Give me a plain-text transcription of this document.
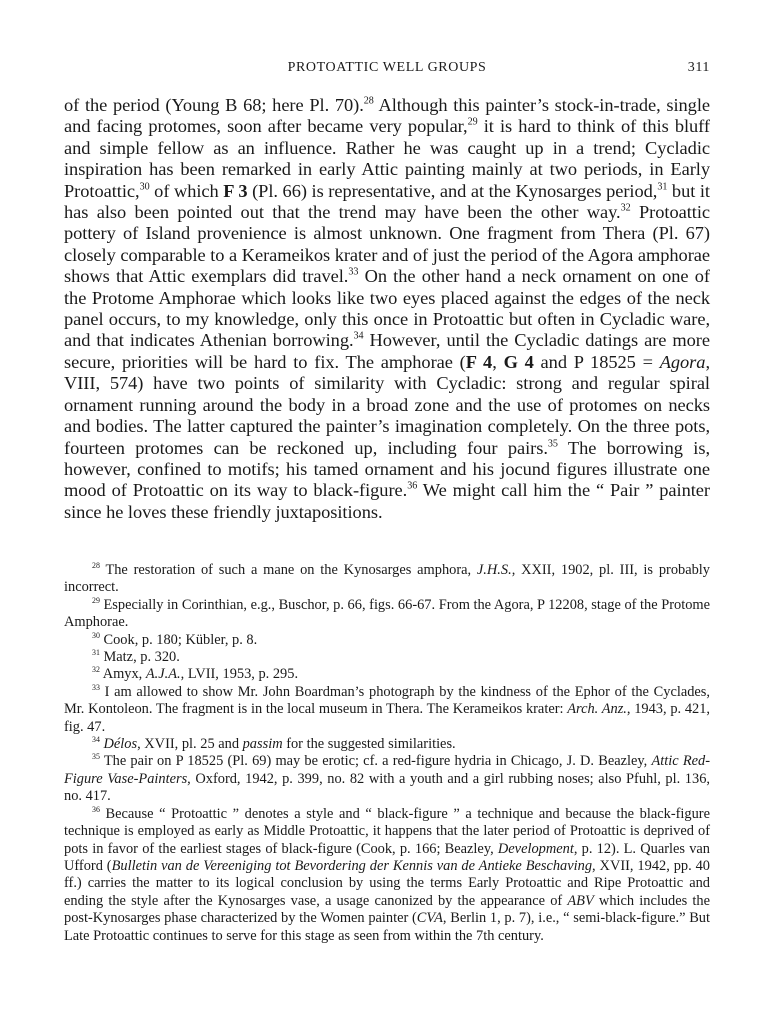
PROTOATTIC WELL GROUPS	311

of the period (Young B 68; here Pl. 70).$^{28}$ Although this painter’s stock-in-trade, single and facing protomes, soon after became very popular,$^{29}$ it is hard to think of this bluff and simple fellow as an influence. Rather he was caught up in a trend; Cycladic inspiration has been remarked in early Attic painting mainly at two periods, in Early Protoattic,$^{30}$ of which F 3 (Pl. 66) is representative, and at the Kynosarges period,$^{31}$ but it has also been pointed out that the trend may have been the other way.$^{32}$ Protoattic pottery of Island provenience is almost unknown. One fragment from Thera (Pl. 67) closely comparable to a Kerameikos krater and of just the period of the Agora amphorae shows that Attic exemplars did travel.$^{33}$ On the other hand a neck ornament on one of the Protome Amphorae which looks like two eyes placed against the edges of the neck panel occurs, to my knowledge, only this once in Protoattic but often in Cycladic ware, and that indicates Athenian borrowing.$^{34}$ However, until the Cycladic datings are more secure, priorities will be hard to fix. The amphorae (F 4, G 4 and P 18525 = Agora, VIII, 574) have two points of similarity with Cycladic: strong and regular spiral ornament running around the body in a broad zone and the use of protomes on necks and bodies. The latter captured the painter’s imagination completely. On the three pots, fourteen protomes can be reckoned up, including four pairs.$^{35}$ The borrowing is, however, confined to motifs; his tamed ornament and his jocund figures illustrate one mood of Protoattic on its way to black-figure.$^{36}$ We might call him the “ Pair ” painter since he loves these friendly juxtapositions.

$^{28}$ The restoration of such a mane on the Kynosarges amphora, J.H.S., XXII, 1902, pl. III, is probably incorrect.

$^{29}$ Especially in Corinthian, e.g., Buschor, p. 66, figs. 66-67. From the Agora, P 12208, stage of the Protome Amphorae.

$^{30}$ Cook, p. 180; Kübler, p. 8.

$^{31}$ Matz, p. 320.

$^{32}$ Amyx, A.J.A., LVII, 1953, p. 295.

$^{33}$ I am allowed to show Mr. John Boardman’s photograph by the kindness of the Ephor of the Cyclades, Mr. Kontoleon. The fragment is in the local museum in Thera. The Kerameikos krater: Arch. Anz., 1943, p. 421, fig. 47.

$^{34}$ Délos, XVII, pl. 25 and passim for the suggested similarities.

$^{35}$ The pair on P 18525 (Pl. 69) may be erotic; cf. a red-figure hydria in Chicago, J. D. Beazley, Attic Red-Figure Vase-Painters, Oxford, 1942, p. 399, no. 82 with a youth and a girl rubbing noses; also Pfuhl, pl. 136, no. 417.

$^{36}$ Because “ Protoattic ” denotes a style and “ black-figure ” a technique and because the black-figure technique is employed as early as Middle Protoattic, it happens that the later period of Protoattic is deprived of pots in favor of the earliest stages of black-figure (Cook, p. 166; Beazley, Development, p. 12). L. Quarles van Ufford (Bulletin van de Vereeniging tot Bevordering der Kennis van de Antieke Beschaving, XVII, 1942, pp. 40 ff.) carries the matter to its logical conclusion by using the terms Early Protoattic and Ripe Protoattic and ending the style after the Kynosarges vase, a usage canonized by the appearance of ABV which includes the post-Kynosarges phase characterized by the Women painter (CVA, Berlin 1, p. 7), i.e., “ semi-black-figure.” But Late Protoattic continues to serve for this stage as seen from within the 7th century.
